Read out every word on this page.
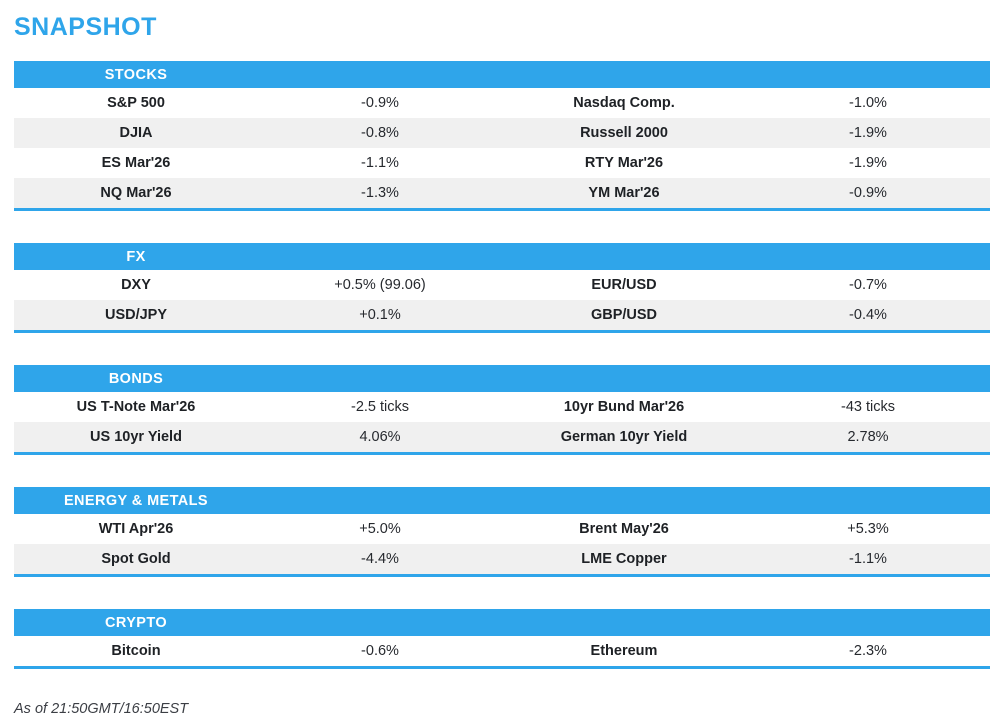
SNAPSHOT
STOCKS
S&P 500	-0.9%	Nasdaq Comp.	-1.0%
DJIA	-0.8%	Russell 2000	-1.9%
ES Mar'26	-1.1%	RTY Mar'26	-1.9%
NQ Mar'26	-1.3%	YM Mar'26	-0.9%
FX
DXY	+0.5% (99.06)	EUR/USD	-0.7%
USD/JPY	+0.1%	GBP/USD	-0.4%
BONDS
US T-Note Mar'26	-2.5 ticks	10yr Bund Mar'26	-43 ticks
US 10yr Yield	4.06%	German 10yr Yield	2.78%
ENERGY & METALS
WTI Apr'26	+5.0%	Brent May'26	+5.3%
Spot Gold	-4.4%	LME Copper	-1.1%
CRYPTO
Bitcoin	-0.6%	Ethereum	-2.3%
As of 21:50GMT/16:50EST
